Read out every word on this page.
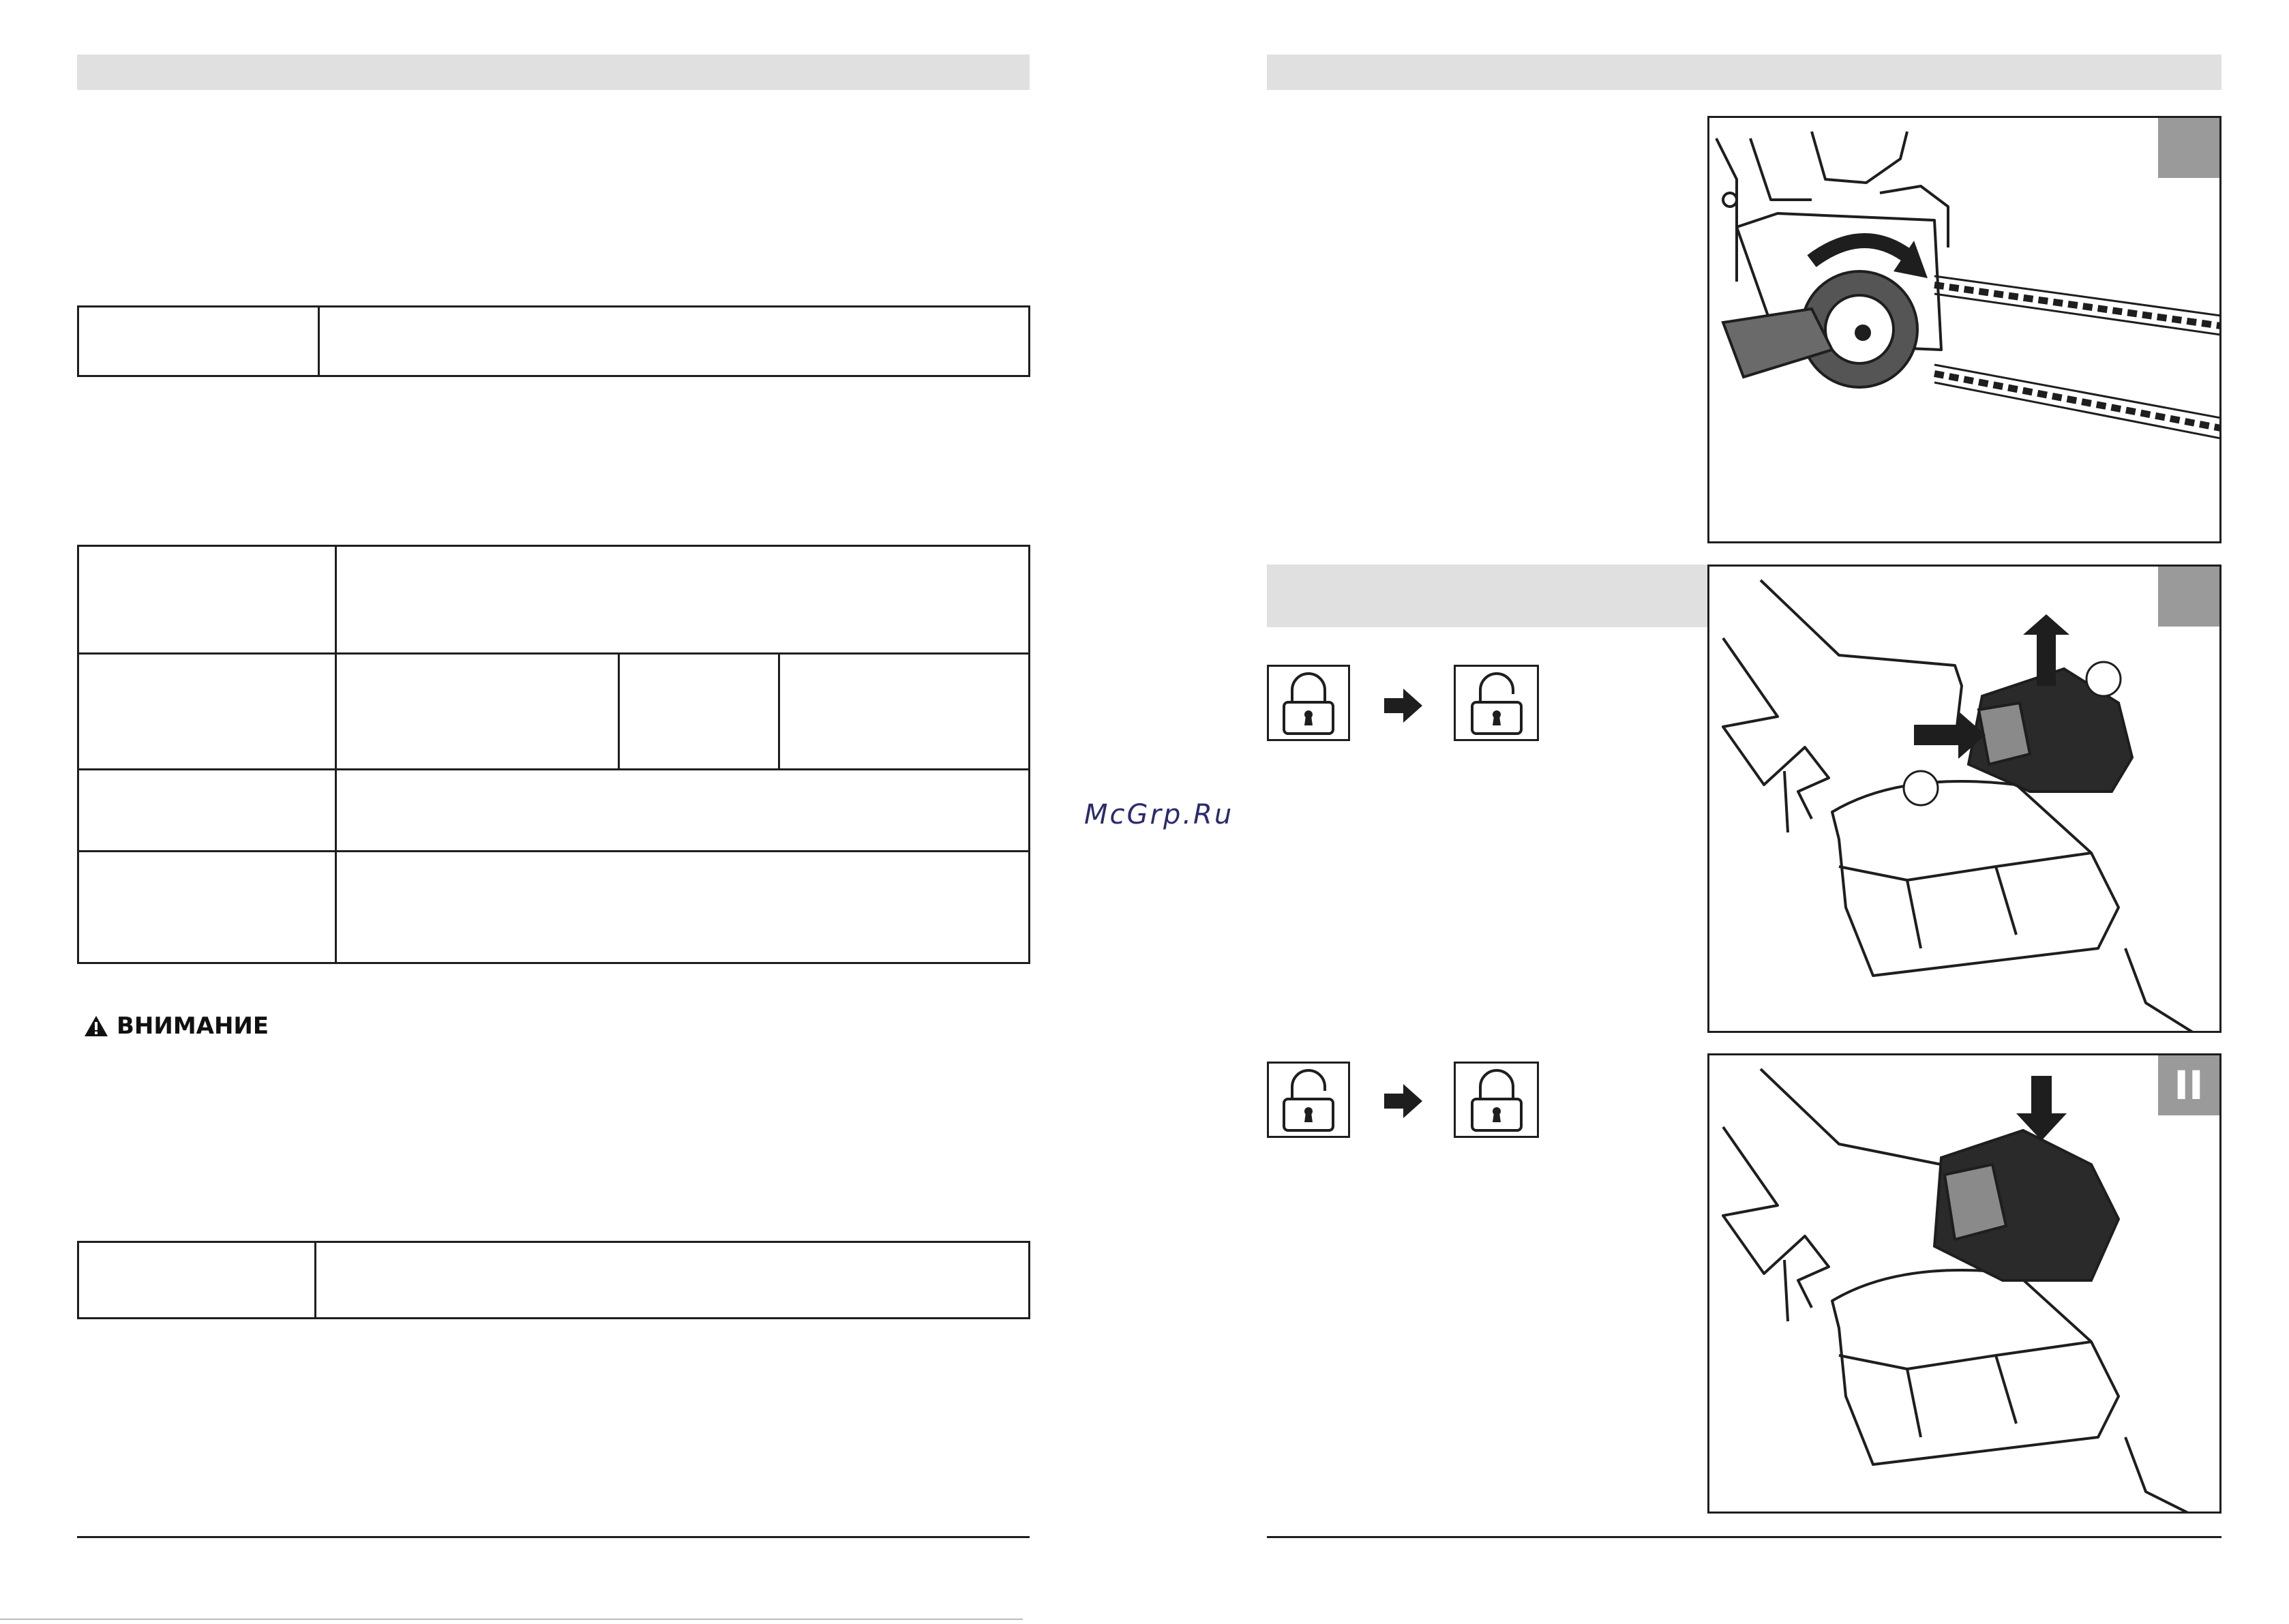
ВНИМАНИЕ
McGrp.Ru
II
